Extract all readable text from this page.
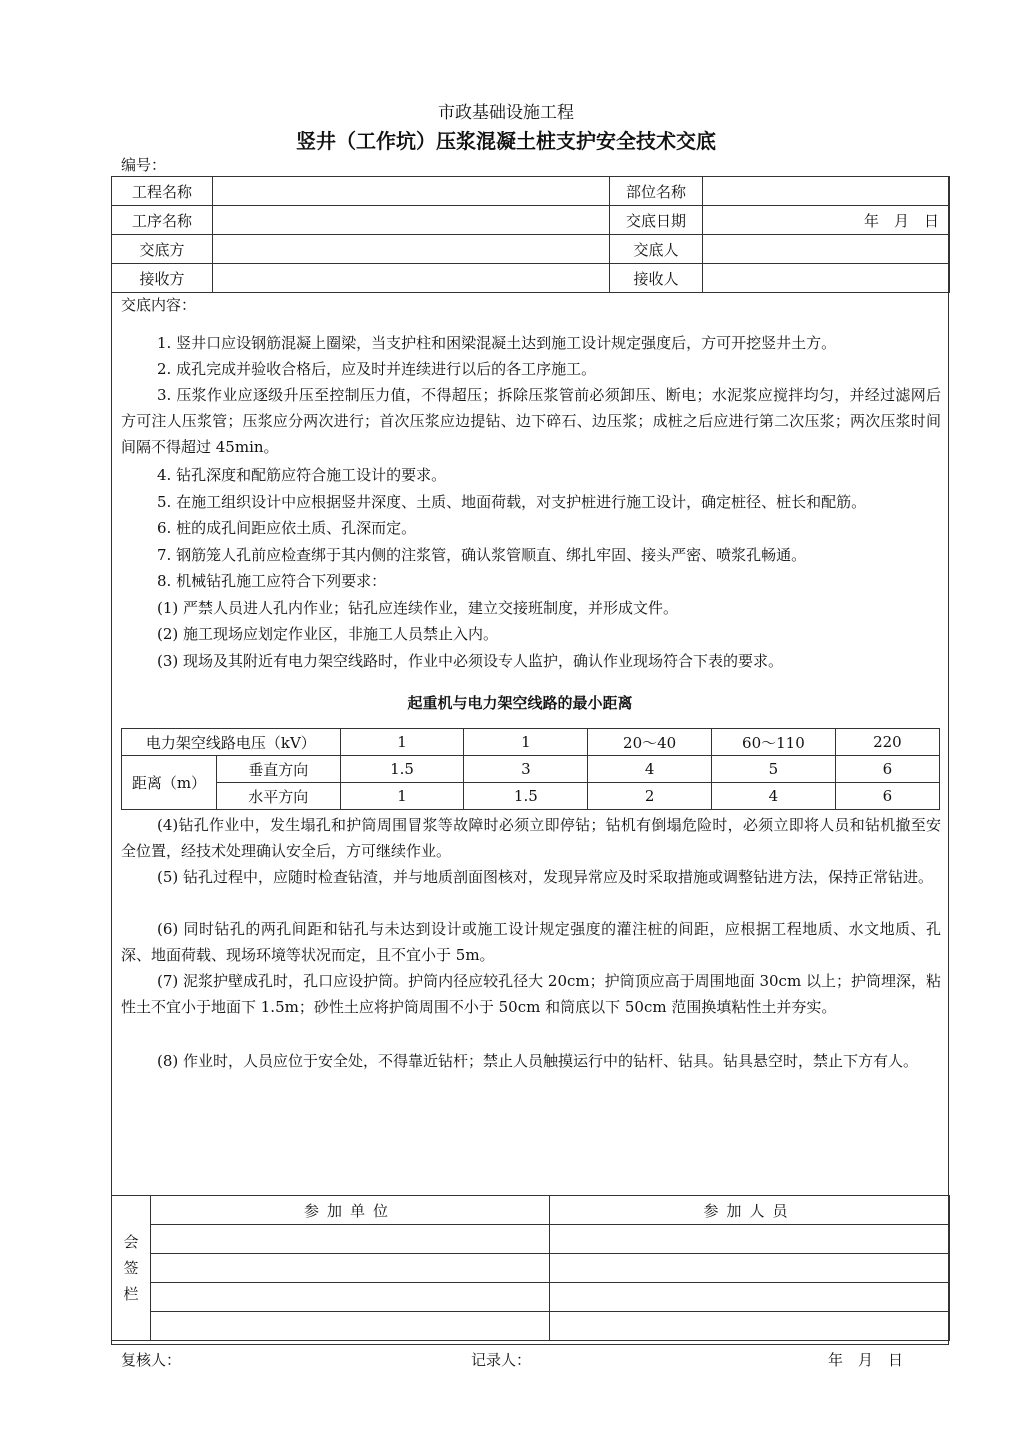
市政基础设施工程
竖井（工作坑）压浆混凝土桩支护安全技术交底
编号：
工程名称		部位名称	
工序名称		交底日期	年　月　日
交底方		交底人	
接收方		接收人	
交底内容：
1. 竖井口应设钢筋混凝上圈梁，当支护柱和困梁混凝土达到施工设计规定强度后，方可开挖竖井土方。
2. 成孔完成并验收合格后，应及时并连续进行以后的各工序施工。
3. 压浆作业应逐级升压至控制压力值，不得超压；拆除压浆管前必须卸压、断电；水泥浆应搅拌均匀，并经过滤网后方可注人压浆管；压浆应分两次进行；首次压浆应边提钻、边下碎石、边压浆；成桩之后应进行第二次压浆；两次压浆时间间隔不得超过 45min。
4. 钻孔深度和配筋应符合施工设计的要求。
5. 在施工组织设计中应根据竖井深度、土质、地面荷载，对支护桩进行施工设计，确定桩径、桩长和配筋。
6. 桩的成孔间距应依土质、孔深而定。
7. 钢筋笼人孔前应检查绑于其内侧的注浆管，确认浆管顺直、绑扎牢固、接头严密、喷浆孔畅通。
8. 机械钻孔施工应符合下列要求：
(1) 严禁人员进人孔内作业；钻孔应连续作业，建立交接班制度，并形成文件。
(2) 施工现场应划定作业区，非施工人员禁止入内。
(3) 现场及其附近有电力架空线路时，作业中必须设专人监护，确认作业现场符合下表的要求。
起重机与电力架空线路的最小距离
电力架空线路电压（kV）		1	1	20～40	60～110	220
距离（m）	垂直方向	1.5	3	4	5	6
	水平方向	1	1.5	2	4	6
(4)钻孔作业中，发生塌孔和护筒周围冒浆等故障时必须立即停钻；钻机有倒塌危险时，必须立即将人员和钻机撤至安全位置，经技术处理确认安全后，方可继续作业。
(5) 钻孔过程中，应随时检查钻渣，并与地质剖面图核对，发现异常应及时采取措施或调整钻进方法，保持正常钻进。
(6) 同时钻孔的两孔间距和钻孔与未达到设计或施工设计规定强度的灌注桩的间距，应根据工程地质、水文地质、孔深、地面荷载、现场环境等状况而定，且不宜小于 5m。
(7) 泥浆护壁成孔时，孔口应设护筒。护筒内径应较孔径大 20cm；护筒顶应高于周围地面 30cm 以上；护筒埋深，粘性土不宜小于地面下 1.5m；砂性土应将护筒周围不小于 50cm 和筒底以下 50cm 范围换填粘性土并夯实。
(8) 作业时，人员应位于安全处，不得靠近钻杆；禁止人员触摸运行中的钻杆、钻具。钻具悬空时，禁止下方有人。
会
签
栏	参加单位	参加人员

复核人：	记录人：	年　月　日
